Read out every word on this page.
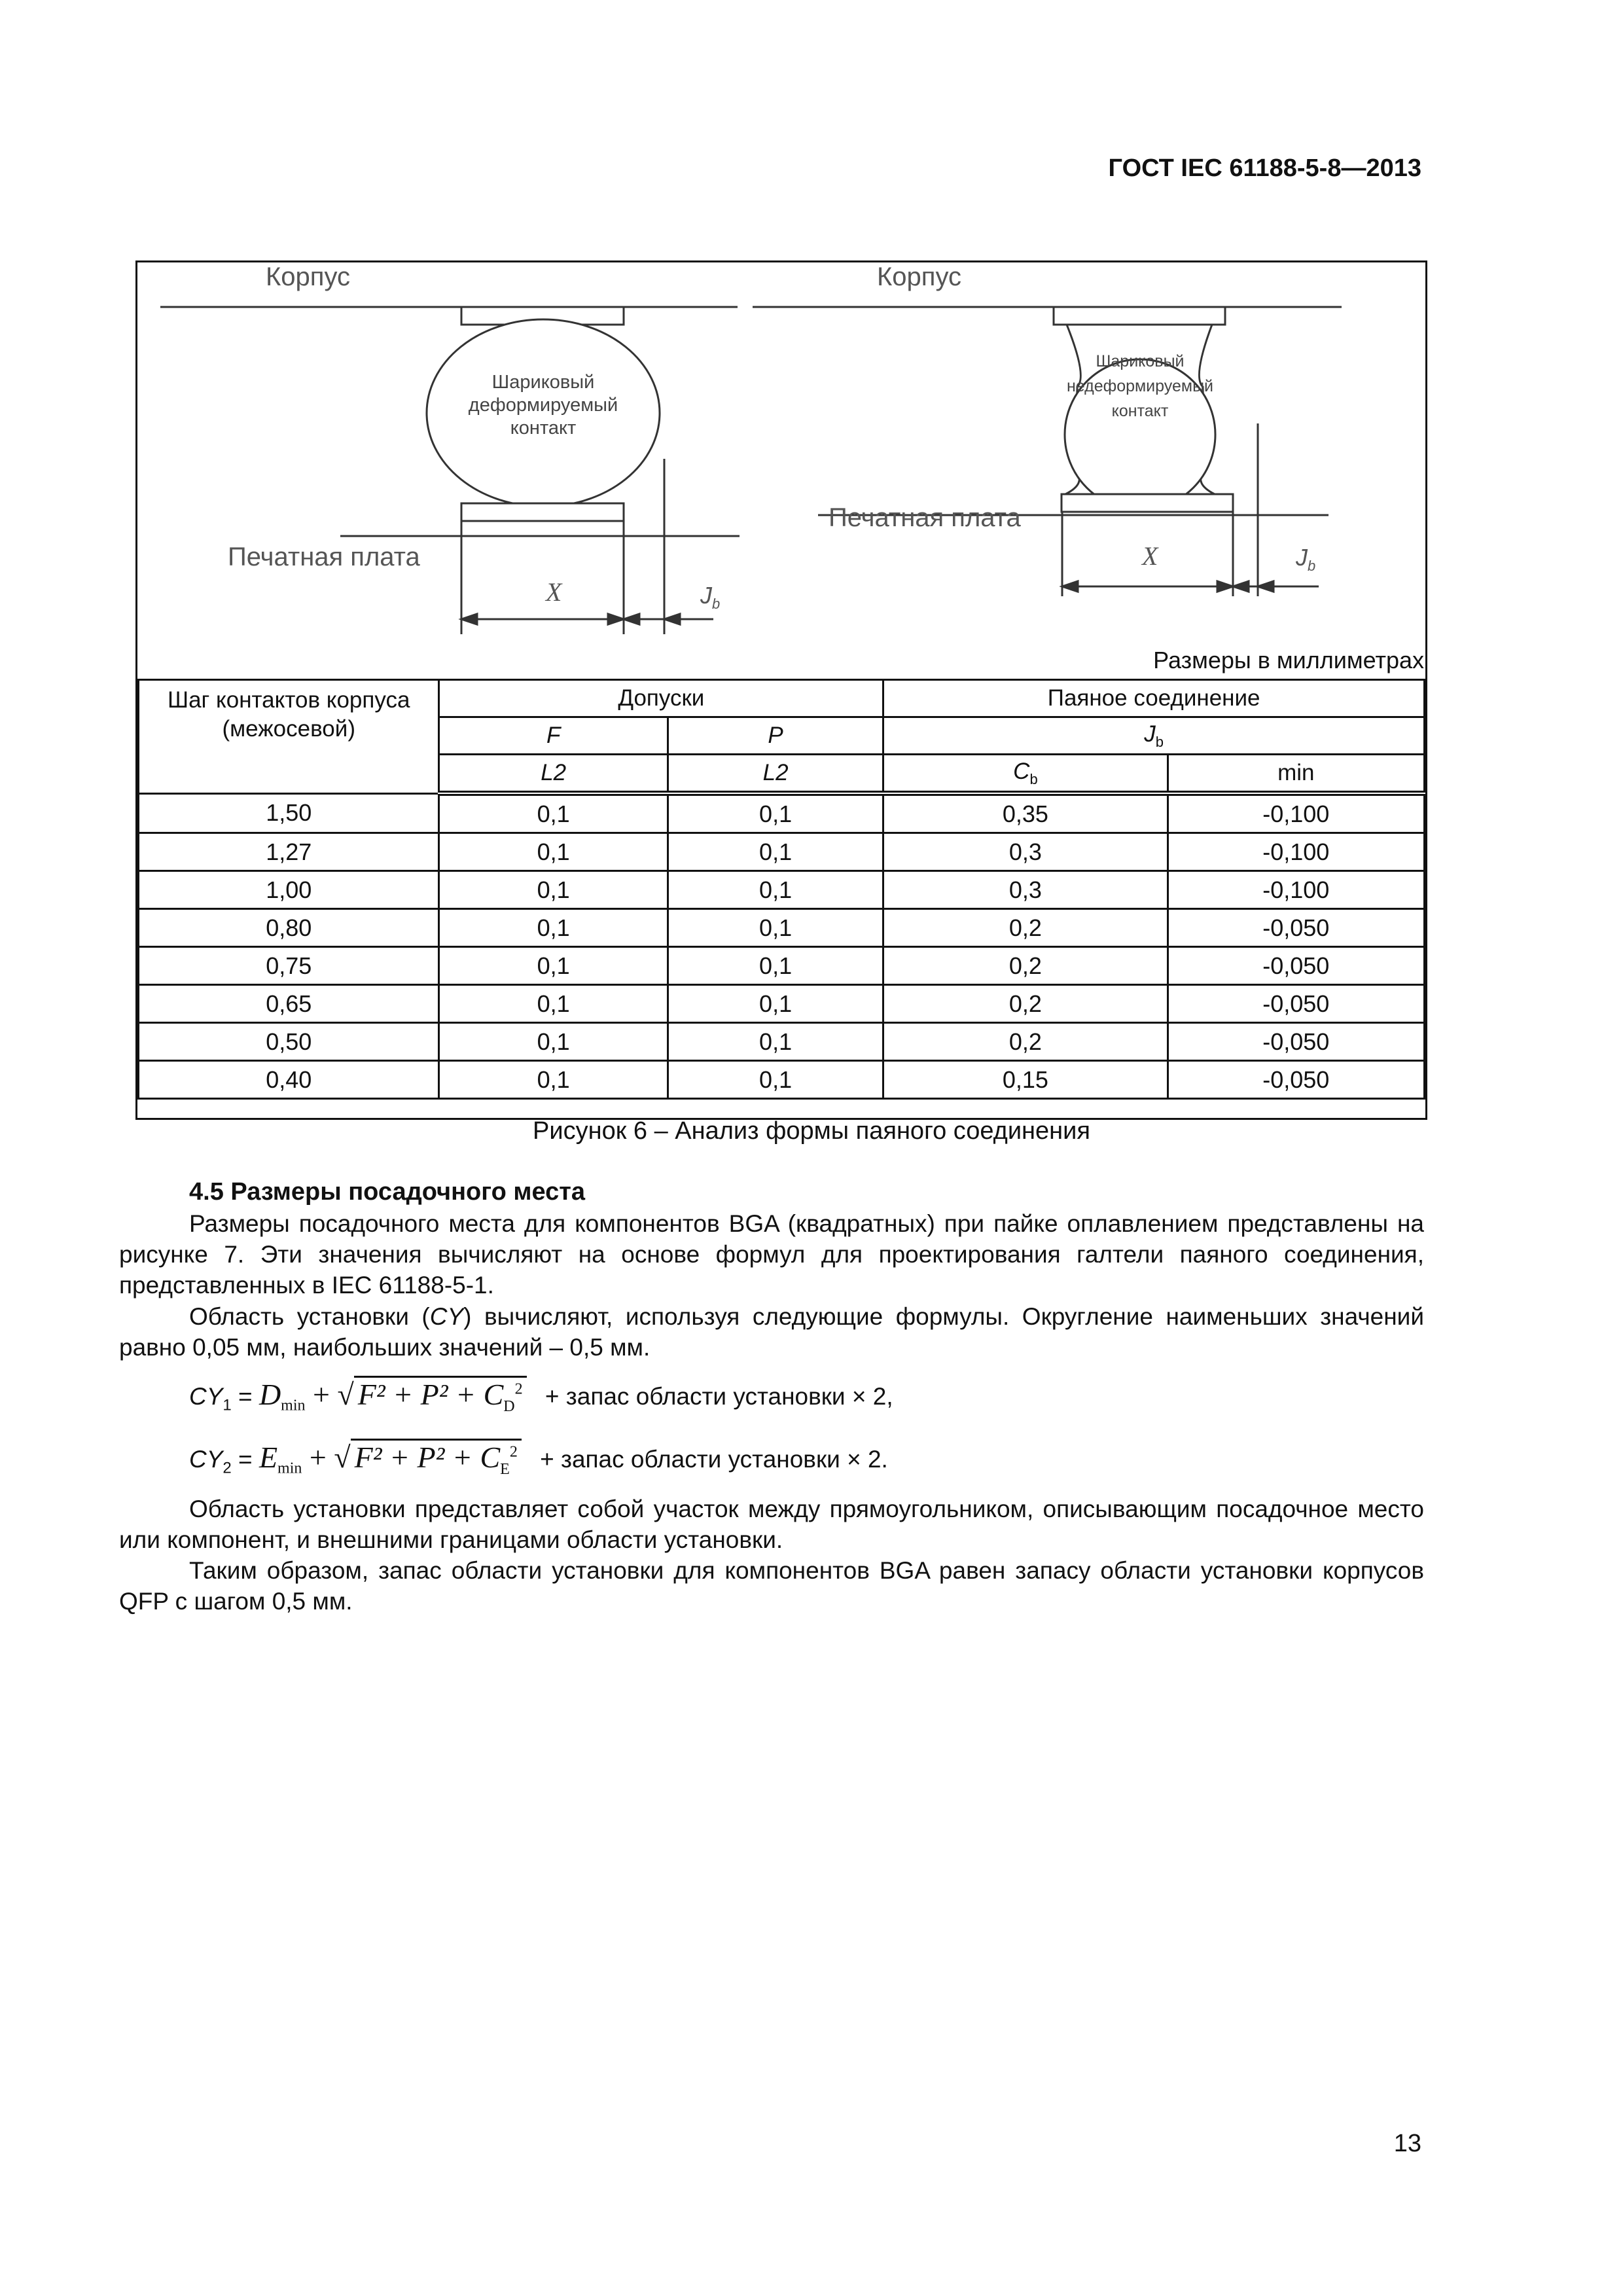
ГОСТ IEC 61188-5-8—2013
Корпус
Печатная плата
Шариковый
деформируемый
контакт
X	$J_b$
Корпус
Печатная плата
Шариковый
недеформируемый
контакт
X	$J_b$
Размеры в миллиметрах
Шаг контактов корпуса (межосевой)	Допуски		Паяное соединение	
	F	P	$J_b$
	L2	L2	$C_b$	min
1,50	0,1	0,1	0,35	-0,100
1,27	0,1	0,1	0,3	-0,100
1,00	0,1	0,1	0,3	-0,100
0,80	0,1	0,1	0,2	-0,050
0,75	0,1	0,1	0,2	-0,050
0,65	0,1	0,1	0,2	-0,050
0,50	0,1	0,1	0,2	-0,050
0,40	0,1	0,1	0,15	-0,050
Рисунок 6 – Анализ формы паяного соединения
4.5 Размеры посадочного места
Размеры посадочного места для компонентов BGA (квадратных) при пайке оплавлением представлены на рисунке 7. Эти значения вычисляют на основе формул для проектирования галтели паяного соединения, представленных в IEC 61188-5-1.
Область установки (CY) вычисляют, используя следующие формулы. Округление наименьших значений равно 0,05 мм, наибольших значений – 0,5 мм.
$CY_1 = D_{min}$ + √ $F^2 + P^2 + C_D^2$ + запас области установки × 2,
$CY_2 = E_{min}$ + √ $F^2 + P^2 + C_E^2$ + запас области установки × 2.
Область установки представляет собой участок между прямоугольником, описывающим посадочное место или компонент, и внешними границами области установки.
Таким образом, запас области установки для компонентов BGA равен запасу области установки корпусов QFP с шагом 0,5 мм.
13
